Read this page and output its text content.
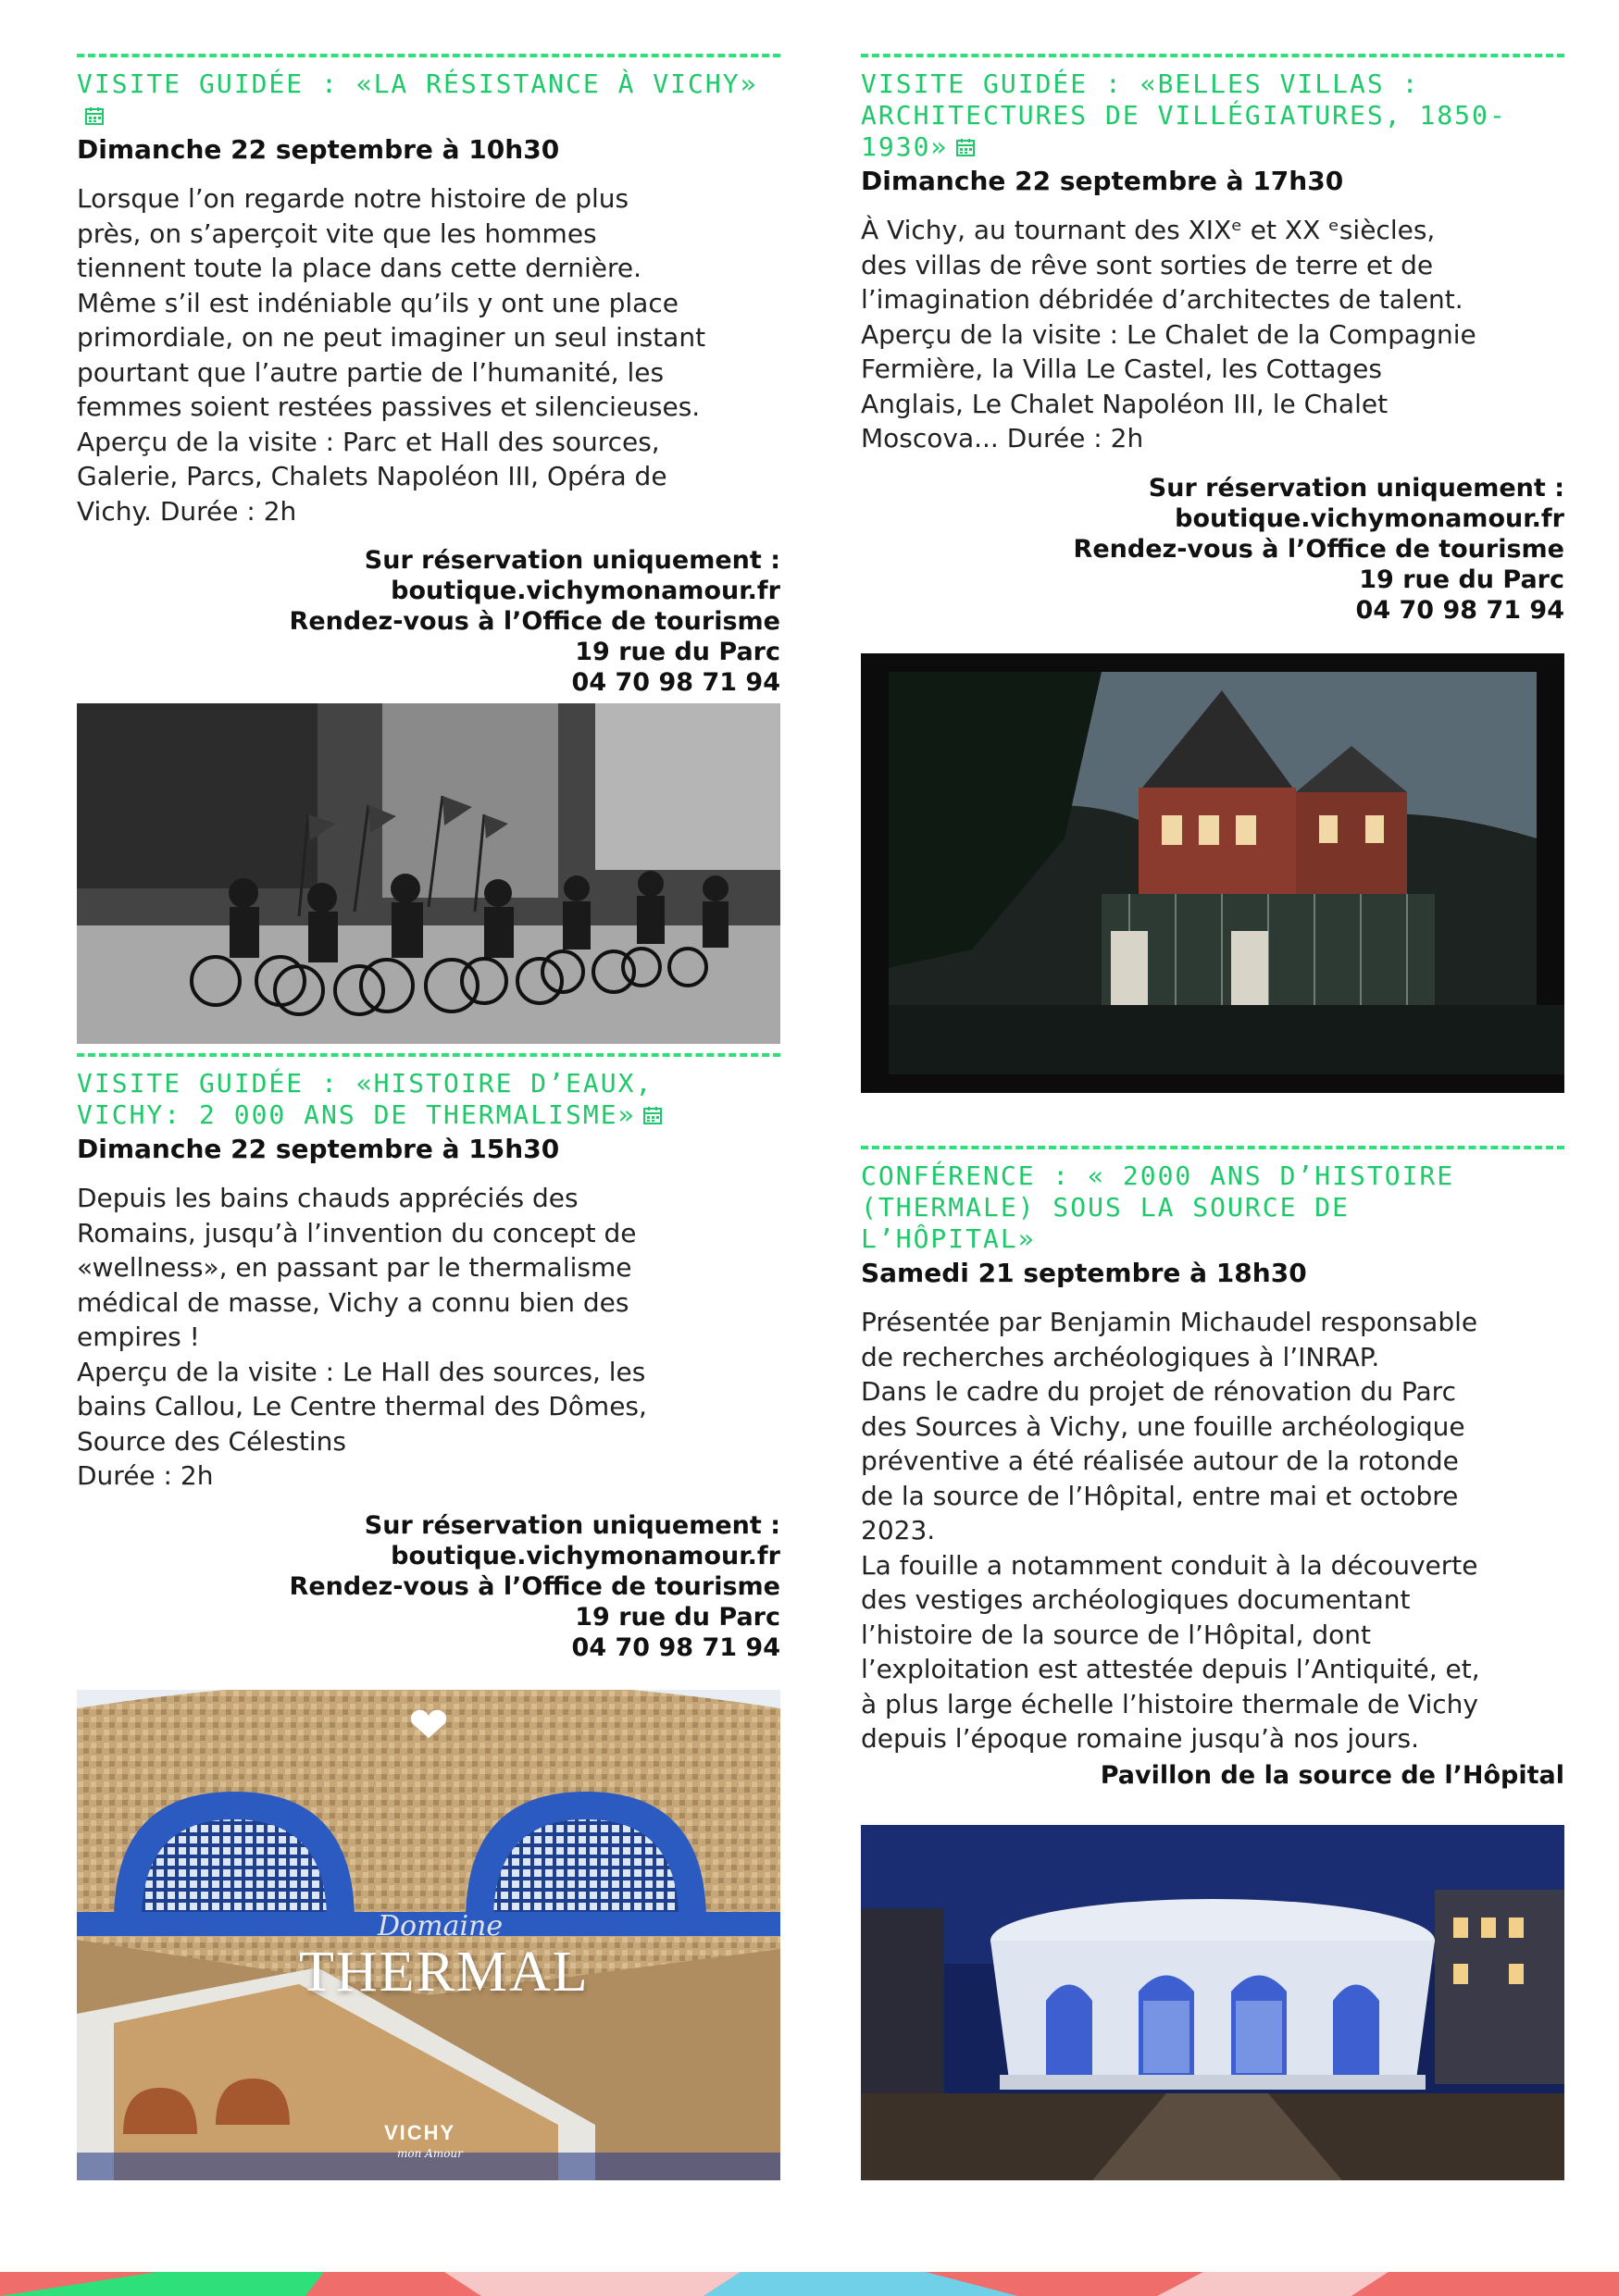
VISITE GUIDÉE : «LA RÉSISTANCE À VICHY»
Dimanche 22 septembre à 10h30
Lorsque l’on regarde notre histoire de plus
près, on s’aperçoit vite que les hommes
tiennent toute la place dans cette dernière.
Même s’il est indéniable qu’ils y ont une place
primordiale, on ne peut imaginer un seul instant
pourtant que l’autre partie de l’humanité, les
femmes soient restées passives et silencieuses.
Aperçu de la visite : Parc et Hall des sources,
Galerie, Parcs, Chalets Napoléon III, Opéra de
Vichy. Durée : 2h
Sur réservation uniquement :
boutique.vichymonamour.fr
Rendez-vous à l’Office de tourisme
19 rue du Parc
04 70 98 71 94
VISITE GUIDÉE : «HISTOIRE D’EAUX,
VICHY: 2 000 ANS DE THERMALISME»
Dimanche 22 septembre à 15h30
Depuis les bains chauds appréciés des
Romains, jusqu’à l’invention du concept de
«wellness», en passant par le thermalisme
médical de masse, Vichy a connu bien des
empires !
Aperçu de la visite : Le Hall des sources, les
bains Callou, Le Centre thermal des Dômes,
Source des Célestins
Durée : 2h
Sur réservation uniquement :
boutique.vichymonamour.fr
Rendez-vous à l’Office de tourisme
19 rue du Parc
04 70 98 71 94
Domaine
THERMAL
VICHY
mon Amour
VISITE GUIDÉE : «BELLES VILLAS :
ARCHITECTURES DE VILLÉGIATURES, 1850-
1930»
Dimanche 22 septembre à 17h30
À Vichy, au tournant des XIXᵉ et XX ᵉsiècles,
des villas de rêve sont sorties de terre et de
l’imagination débridée d’architectes de talent.
Aperçu de la visite : Le Chalet de la Compagnie
Fermière, la Villa Le Castel, les Cottages
Anglais, Le Chalet Napoléon III, le Chalet
Moscova... Durée : 2h
Sur réservation uniquement :
boutique.vichymonamour.fr
Rendez-vous à l’Office de tourisme
19 rue du Parc
04 70 98 71 94
CONFÉRENCE : « 2000 ANS D’HISTOIRE
(THERMALE) SOUS LA SOURCE DE
L’HÔPITAL»
Samedi 21 septembre à 18h30
Présentée par Benjamin Michaudel responsable
de recherches archéologiques à l’INRAP.
Dans le cadre du projet de rénovation du Parc
des Sources à Vichy, une fouille archéologique
préventive a été réalisée autour de la rotonde
de la source de l’Hôpital, entre mai et octobre
2023.
La fouille a notamment conduit à la découverte
des vestiges archéologiques documentant
l’histoire de la source de l’Hôpital, dont
l’exploitation est attestée depuis l’Antiquité, et,
à plus large échelle l’histoire thermale de Vichy
depuis l’époque romaine jusqu’à nos jours.
Pavillon de la source de l’Hôpital
